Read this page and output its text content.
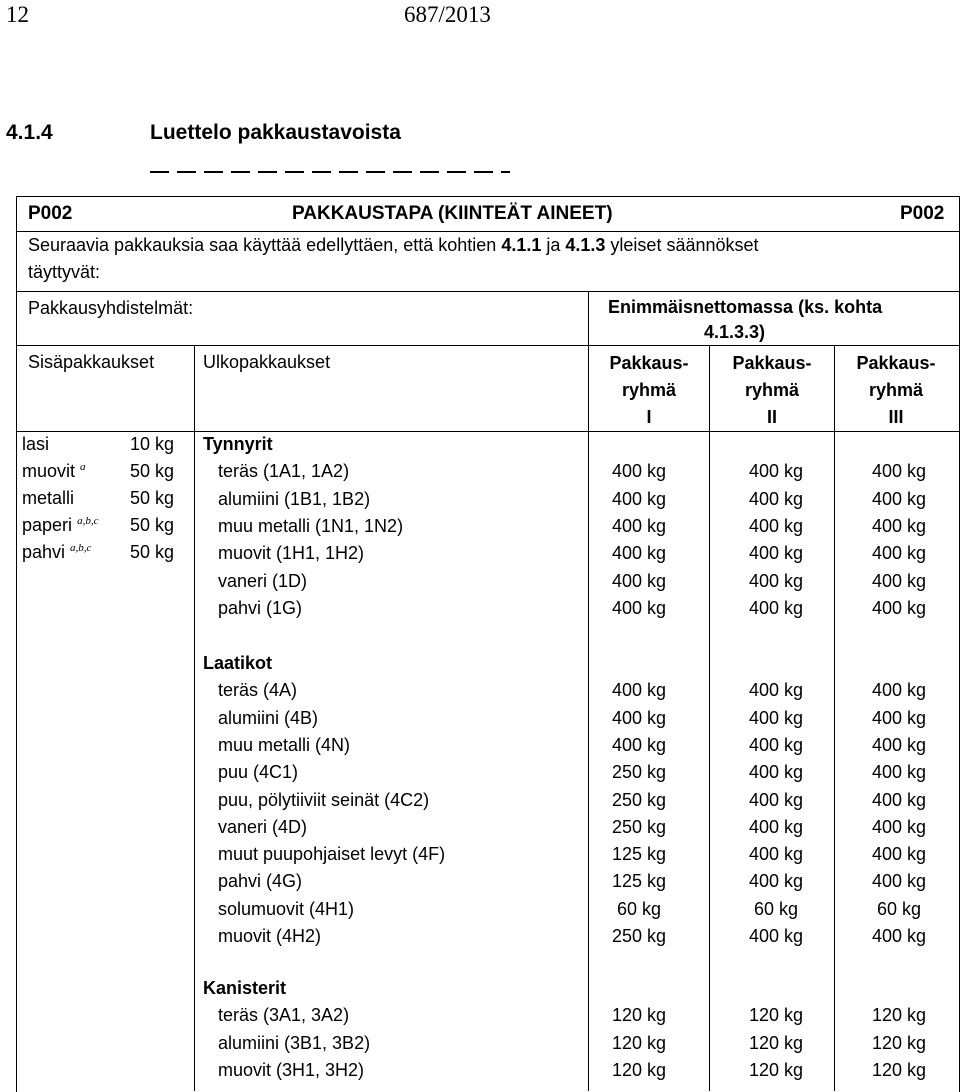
12	687/2013
4.1.4	Luettelo pakkaustavoista
P002	PAKKAUSTAPA (KIINTEÄT AINEET)	P002
Seuraavia pakkauksia saa käyttää edellyttäen, että kohtien 4.1.1 ja 4.1.3 yleiset säännökset
täyttyvät:
Pakkausyhdistelmät:	Enimmäisnettomassa (ks. kohta
4.1.3.3)
Sisäpakkaukset	Ulkopakkaukset	Pakkaus-
ryhmä
I
Pakkaus-
ryhmä
II
Pakkaus-
ryhmä
III
lasi	10 kg
muovit $^a$ 50 kg
metalli	50 kg
paperi $^{a,b,c}$ 50 kg
pahvi $^{a,b,c}$ 50 kg
Tynnyrit
teräs (1A1, 1A2)	400 kg	400 kg	400 kg
alumiini (1B1, 1B2)	400 kg	400 kg	400 kg
muu metalli (1N1, 1N2)	400 kg	400 kg	400 kg
muovit (1H1, 1H2)	400 kg	400 kg	400 kg
vaneri (1D)	400 kg	400 kg	400 kg
pahvi (1G)	400 kg	400 kg	400 kg
Laatikot
teräs (4A)	400 kg	400 kg	400 kg
alumiini (4B)	400 kg	400 kg	400 kg
muu metalli (4N)	400 kg	400 kg	400 kg
puu (4C1)	250 kg	400 kg	400 kg
puu, pölytiiviit seinät (4C2)	250 kg	400 kg	400 kg
vaneri (4D)	250 kg	400 kg	400 kg
muut puupohjaiset levyt (4F)	125 kg	400 kg	400 kg
pahvi (4G)	125 kg	400 kg	400 kg
solumuovit (4H1)	60 kg	60 kg	60 kg
muovit (4H2)	250 kg	400 kg	400 kg
Kanisterit
teräs (3A1, 3A2)	120 kg	120 kg	120 kg
alumiini (3B1, 3B2)	120 kg	120 kg	120 kg
muovit (3H1, 3H2)	120 kg	120 kg	120 kg
